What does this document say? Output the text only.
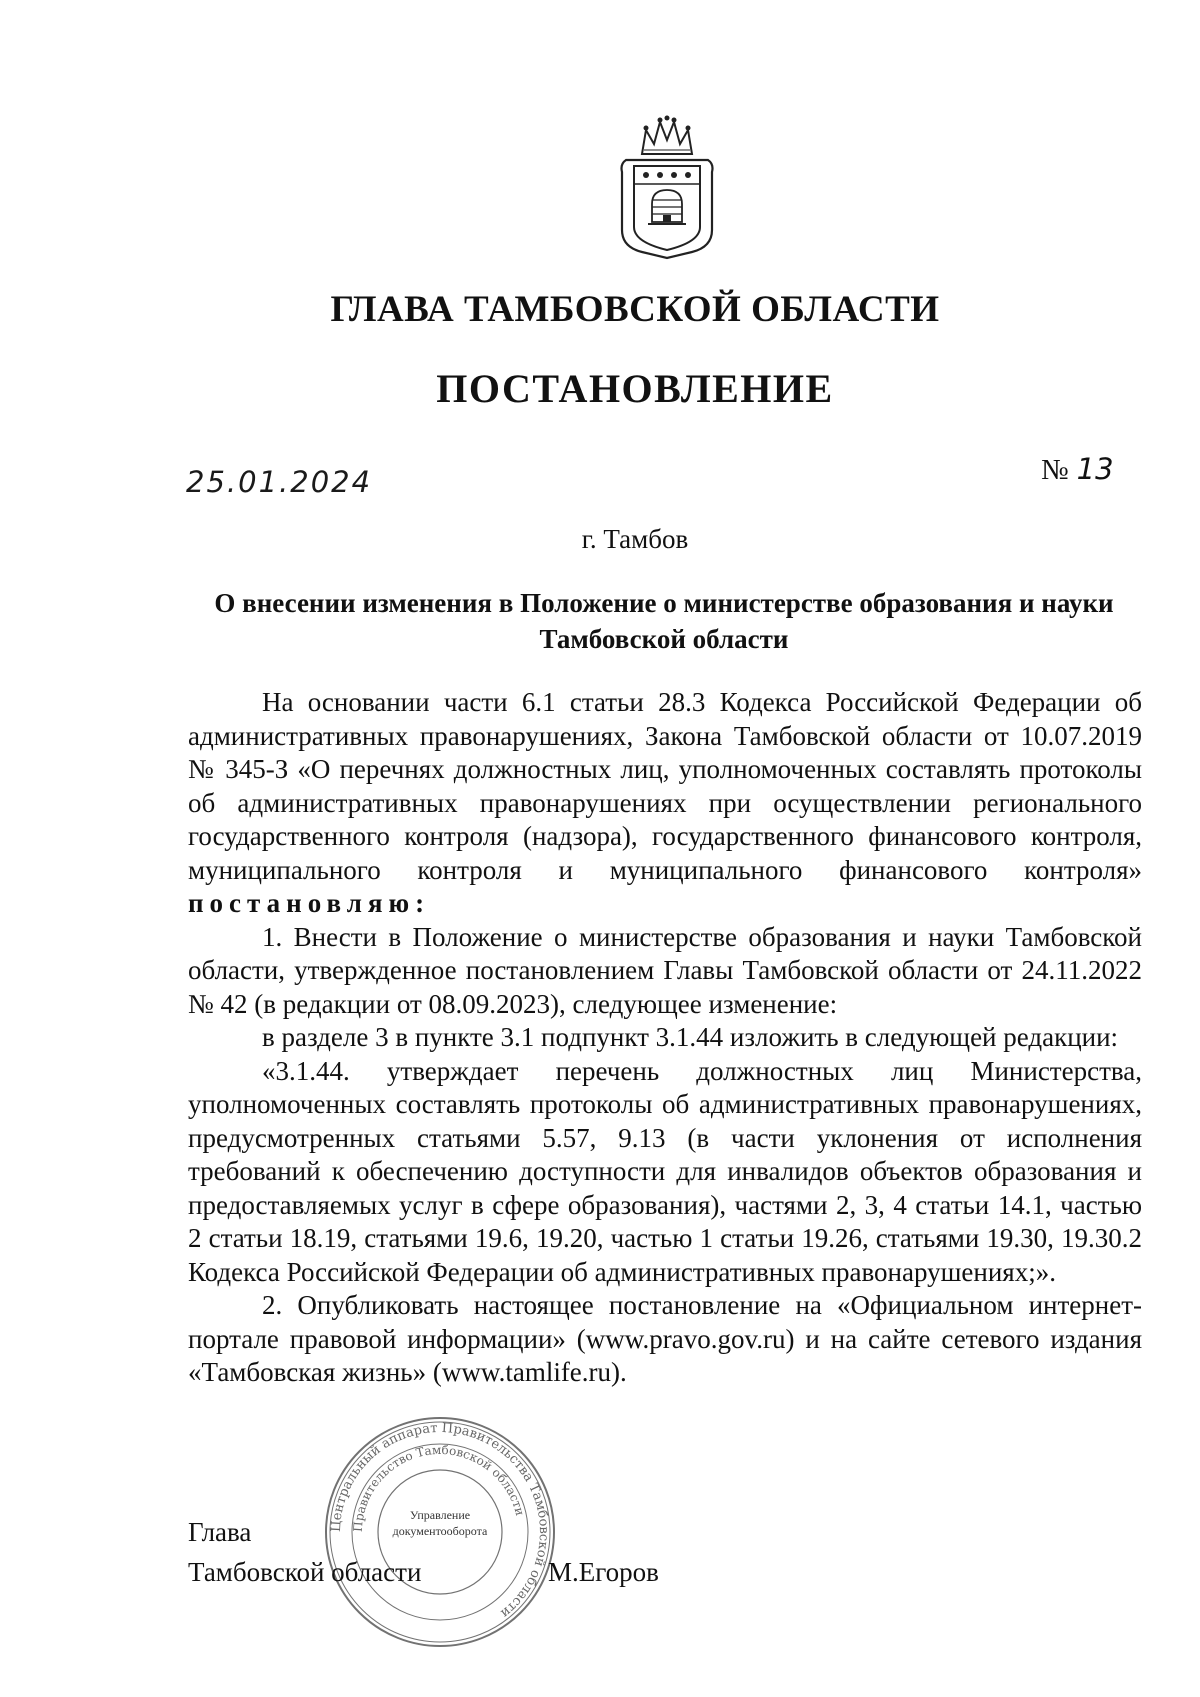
ГЛАВА ТАМБОВСКОЙ ОБЛАСТИ
ПОСТАНОВЛЕНИЕ
25.01.2024	№ 13
г. Тамбов
О внесении изменения в Положение о министерстве образования и науки Тамбовской области

На основании части 6.1 статьи 28.3 Кодекса Российской Федерации об административных правонарушениях, Закона Тамбовской области от 10.07.2019 № 345-З «О перечнях должностных лиц, уполномоченных составлять протоколы об административных правонарушениях при осуществлении регионального государственного контроля (надзора), государственного финансового контроля, муниципального контроля и муниципального финансового контроля» постановляю:

1. Внести в Положение о министерстве образования и науки Тамбовской области, утвержденное постановлением Главы Тамбовской области от 24.11.2022 № 42 (в редакции от 08.09.2023), следующее изменение:

в разделе 3 в пункте 3.1 подпункт 3.1.44 изложить в следующей редакции:

«3.1.44. утверждает перечень должностных лиц Министерства, уполномоченных составлять протоколы об административных правонарушениях, предусмотренных статьями 5.57, 9.13 (в части уклонения от исполнения требований к обеспечению доступности для инвалидов объектов образования и предоставляемых услуг в сфере образования), частями 2, 3, 4 статьи 14.1, частью 2 статьи 18.19, статьями 19.6, 19.20, частью 1 статьи 19.26, статьями 19.30, 19.30.2 Кодекса Российской Федерации об административных правонарушениях;».

2. Опубликовать настоящее постановление на «Официальном интернет-портале правовой информации» (www.pravo.gov.ru) и на сайте сетевого издания «Тамбовская жизнь» (www.tamlife.ru).

Центральный аппарат Правительства Тамбовской области
Правительство Тамбовской области
Управление документооборота
Глава
Тамбовской области	М.Егоров
